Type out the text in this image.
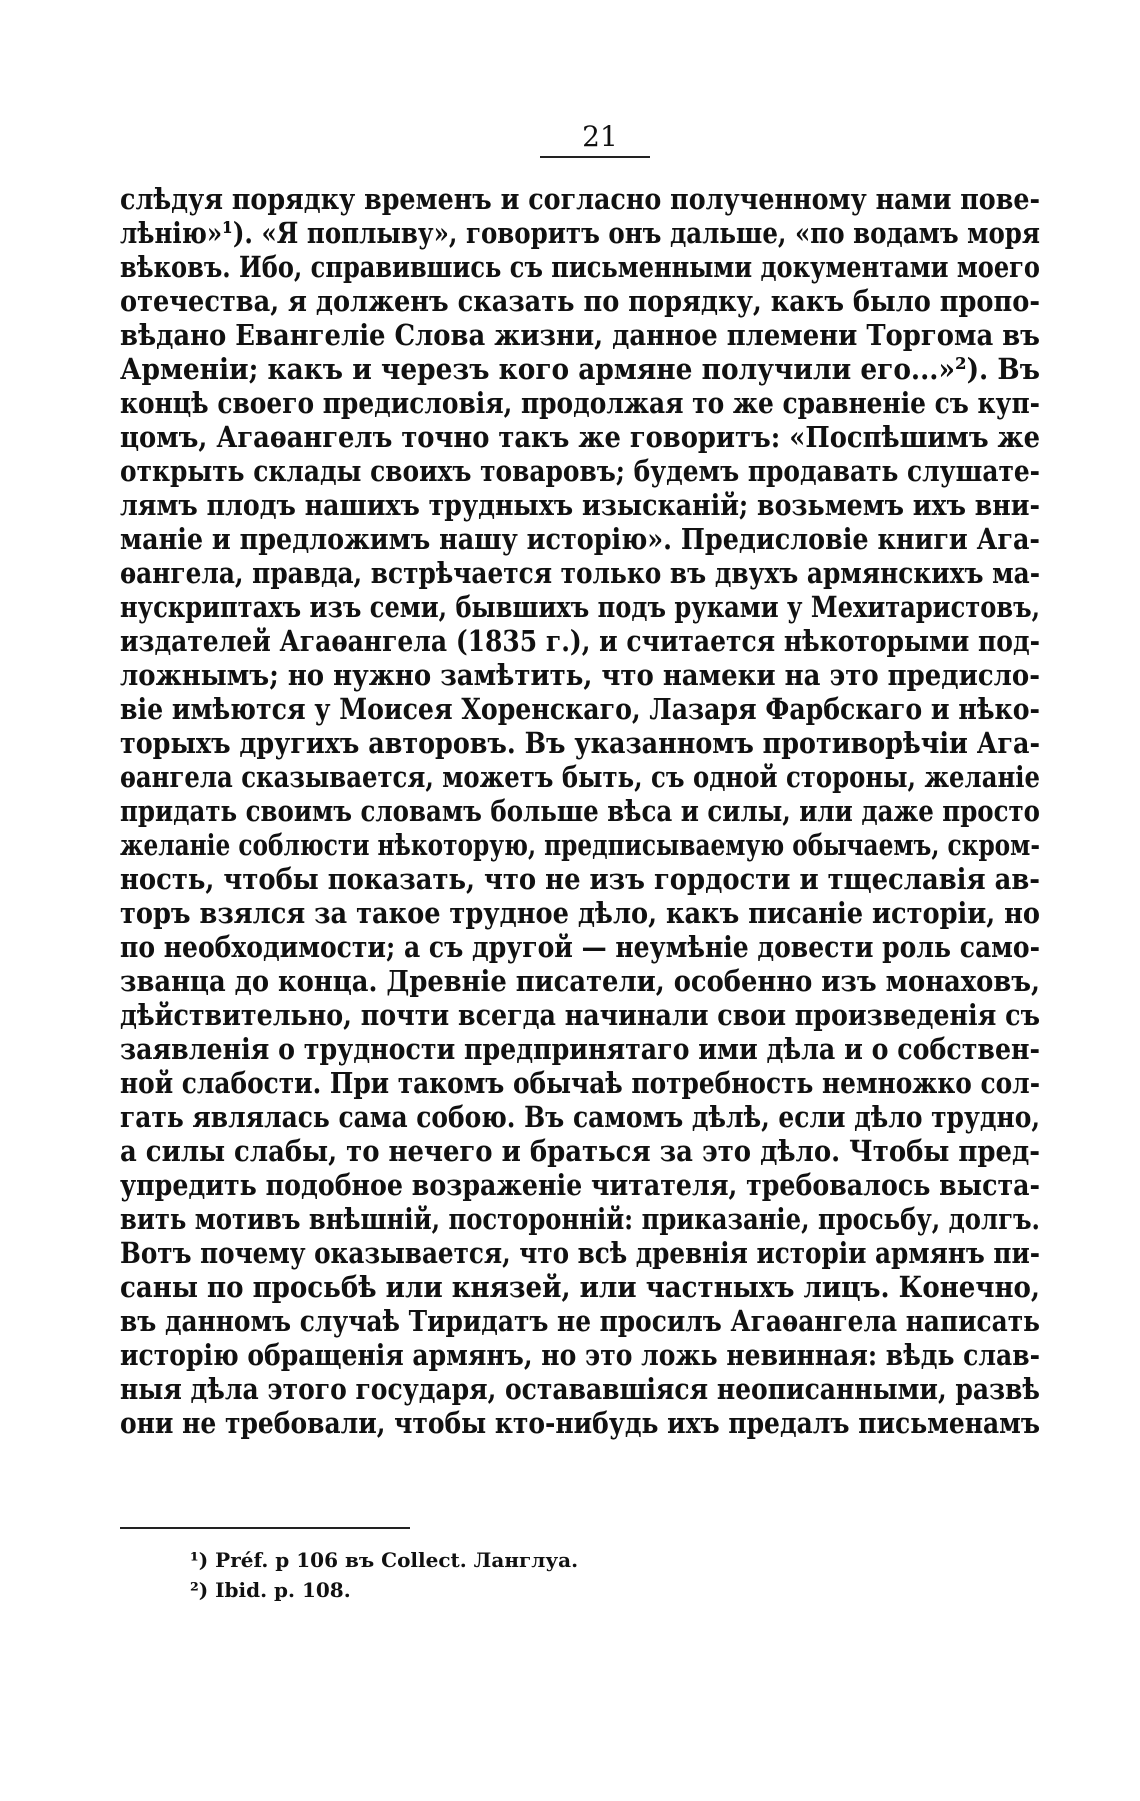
21
слѣдуя порядку временъ и согласно полученному нами пове-
лѣнію»¹). «Я поплыву», говоритъ онъ дальше, «по водамъ моря
вѣковъ. Ибо, справившись съ письменными документами моего
отечества, я долженъ сказать по порядку, какъ было пропо-
вѣдано Евангеліе Слова жизни, данное племени Торгома въ
Арменіи; какъ и черезъ кого армяне получили его...»²). Въ
концѣ своего предисловія, продолжая то же сравненіе съ куп-
цомъ, Агаѳангелъ точно такъ же говоритъ: «Поспѣшимъ же
открыть склады своихъ товаровъ; будемъ продавать слушате-
лямъ плодъ нашихъ трудныхъ изысканій; возьмемъ ихъ вни-
маніе и предложимъ нашу исторію». Предисловіе книги Ага-
ѳангела, правда, встрѣчается только въ двухъ армянскихъ ма-
нускриптахъ изъ семи, бывшихъ подъ руками у Мехитаристовъ,
издателей Агаѳангела (1835 г.), и считается нѣкоторыми под-
ложнымъ; но нужно замѣтить, что намеки на это предисло-
віе имѣются у Моисея Хоренскаго, Лазаря Фарбскаго и нѣко-
торыхъ другихъ авторовъ. Въ указанномъ противорѣчіи Ага-
ѳангела сказывается, можетъ быть, съ одной стороны, желаніе
придать своимъ словамъ больше вѣса и силы, или даже просто
желаніе соблюсти нѣкоторую, предписываемую обычаемъ, скром-
ность, чтобы показать, что не изъ гордости и тщеславія ав-
торъ взялся за такое трудное дѣло, какъ писаніе исторіи, но
по необходимости; а съ другой — неумѣніе довести роль само-
званца до конца. Древніе писатели, особенно изъ монаховъ,
дѣйствительно, почти всегда начинали свои произведенія съ
заявленія о трудности предпринятаго ими дѣла и о собствен-
ной слабости. При такомъ обычаѣ потребность немножко сол-
гать являлась сама собою. Въ самомъ дѣлѣ, если дѣло трудно,
а силы слабы, то нечего и браться за это дѣло. Чтобы пред-
упредить подобное возраженіе читателя, требовалось выста-
вить мотивъ внѣшній, посторонній: приказаніе, просьбу, долгъ.
Вотъ почему оказывается, что всѣ древнія исторіи армянъ пи-
саны по просьбѣ или князей, или частныхъ лицъ. Конечно,
въ данномъ случаѣ Тиридатъ не просилъ Агаѳангела написать
исторію обращенія армянъ, но это ложь невинная: вѣдь слав-
ныя дѣла этого государя, остававшіяся неописанными, развѣ
они не требовали, чтобы кто-нибудь ихъ предалъ письменамъ
¹) Préf. p 106 въ Collect. Ланглуа.
²) Ibid. p. 108.
